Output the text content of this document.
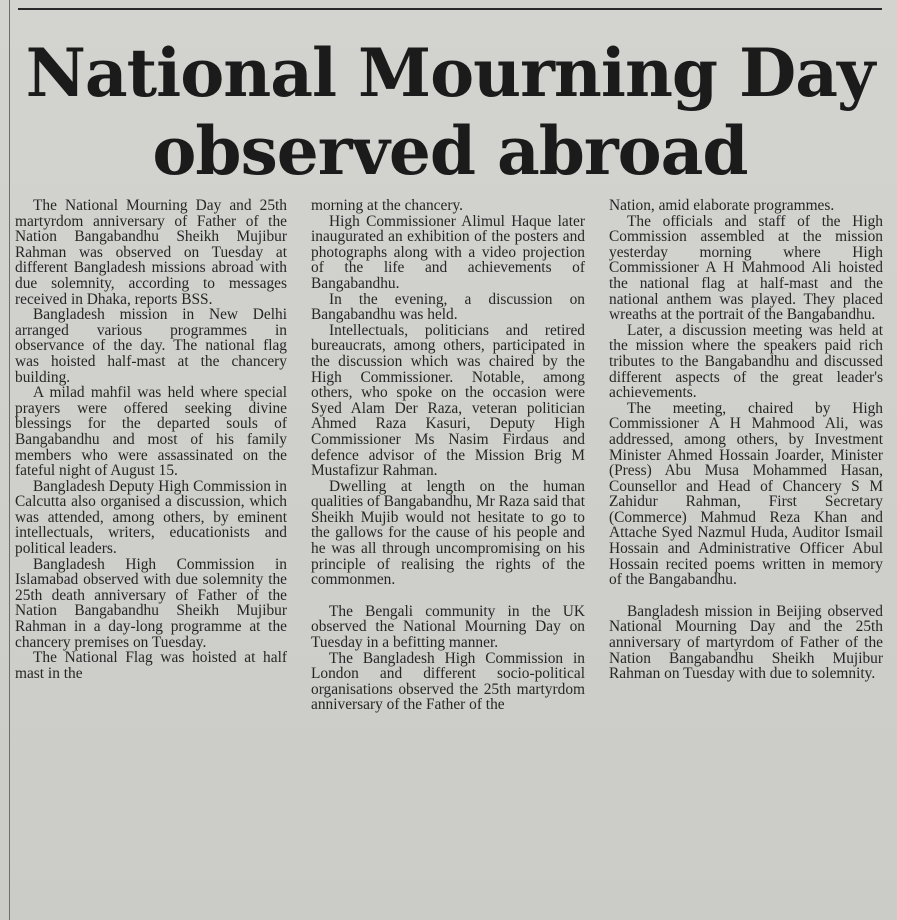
National Mourning Day
observed abroad

The National Mourning Day and 25th martyrdom anniversary of Father of the Nation Bangabandhu Sheikh Mujibur Rahman was observed on Tuesday at different Bangladesh missions abroad with due solemnity, according to messages received in Dhaka, reports BSS.

Bangladesh mission in New Delhi arranged various programmes in observance of the day. The national flag was hoisted half-mast at the chancery building.

A milad mahfil was held where special prayers were offered seeking divine blessings for the departed souls of Bangabandhu and most of his family members who were assassinated on the fateful night of August 15.

Bangladesh Deputy High Commission in Calcutta also organised a discussion, which was attended, among others, by eminent intellectuals, writers, educationists and political leaders.

Bangladesh High Commission in Islamabad observed with due solemnity the 25th death anniversary of Father of the Nation Bangabandhu Sheikh Mujibur Rahman in a day-long programme at the chancery premises on Tuesday.

The National Flag was hoisted at half mast in the

morning at the chancery.

High Commissioner Alimul Haque later inaugurated an exhibition of the posters and photographs along with a video projection of the life and achievements of Bangabandhu.

In the evening, a discussion on Bangabandhu was held.

Intellectuals, politicians and retired bureaucrats, among others, participated in the discussion which was chaired by the High Commissioner. Notable, among others, who spoke on the occasion were Syed Alam Der Raza, veteran politician Ahmed Raza Kasuri, Deputy High Commissioner Ms Nasim Firdaus and defence advisor of the Mission Brig M Mustafizur Rahman.

Dwelling at length on the human qualities of Bangabandhu, Mr Raza said that Sheikh Mujib would not hesitate to go to the gallows for the cause of his people and he was all through uncompromising on his principle of realising the rights of the commonmen.

The Bengali community in the UK observed the National Mourning Day on Tuesday in a befitting manner.

The Bangladesh High Commission in London and different socio-political organisations observed the 25th martyrdom anniversary of the Father of the

Nation, amid elaborate programmes.

The officials and staff of the High Commission assembled at the mission yesterday morning where High Commissioner A H Mahmood Ali hoisted the national flag at half-mast and the national anthem was played. They placed wreaths at the portrait of the Bangabandhu.

Later, a discussion meeting was held at the mission where the speakers paid rich tributes to the Bangabandhu and discussed different aspects of the great leader's achievements.

The meeting, chaired by High Commissioner A H Mahmood Ali, was addressed, among others, by Investment Minister Ahmed Hossain Joarder, Minister (Press) Abu Musa Mohammed Hasan, Counsellor and Head of Chancery S M Zahidur Rahman, First Secretary (Commerce) Mahmud Reza Khan and Attache Syed Nazmul Huda, Auditor Ismail Hossain and Administrative Officer Abul Hossain recited poems written in memory of the Bangabandhu.

Bangladesh mission in Beijing observed National Mourning Day and the 25th anniversary of martyrdom of Father of the Nation Bangabandhu Sheikh Mujibur Rahman on Tuesday with due to solemnity.
